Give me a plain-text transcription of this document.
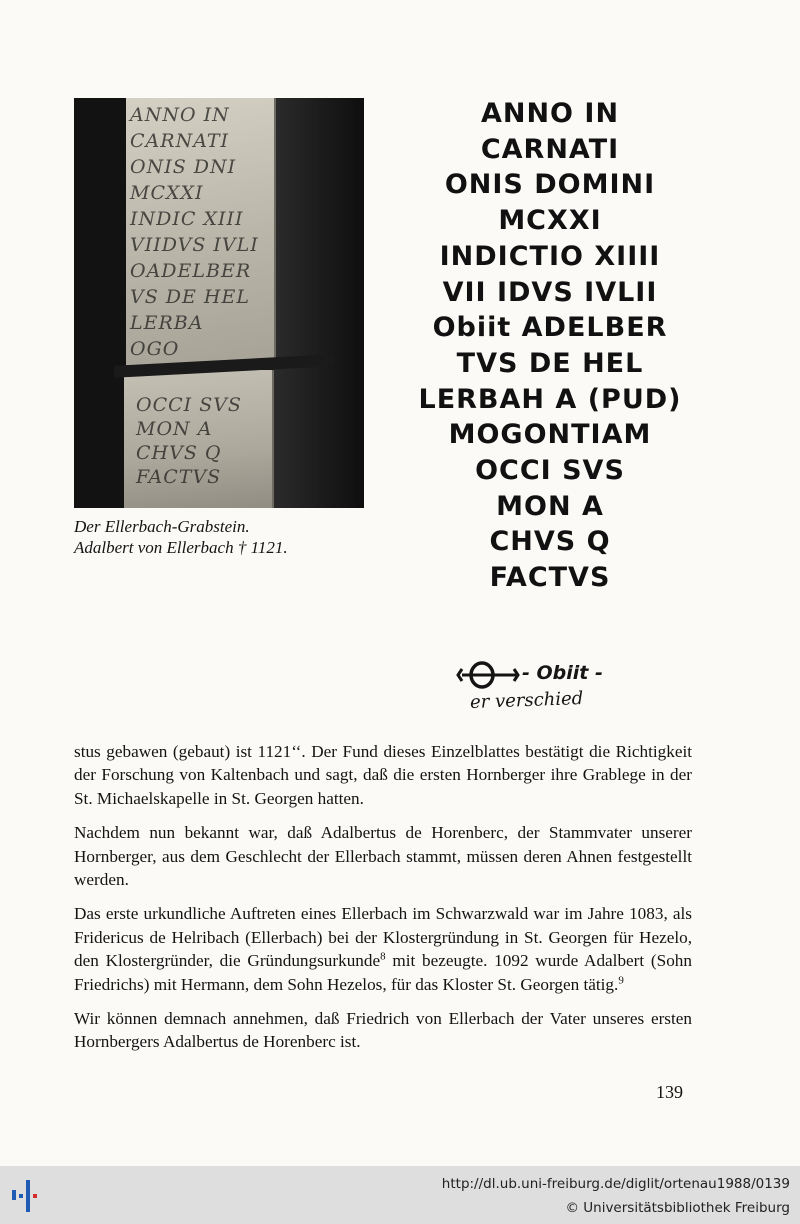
ANNO IN
CARNATI
ONIS DNI
MCXXI
INDIC XIII
VIIDVS IVLI
OADELBER
VS DE HEL
LERBA
OGO
OCCI SVS
MON A
CHVS Q
FACTVS
Der Ellerbach-Grabstein.
Adalbert von Ellerbach † 1121.
ANNO IN
CARNATI
ONIS DOMINI
MCXXI
INDICTIO XIIII
VII IDVS IVLII
Obiit ADELBER
TVS DE HEL
LERBAH A (PUD)
MOGONTIAM
OCCI SVS
MON A
CHVS Q
FACTVS
- Obiit -
er verschied

stus gebawen (gebaut) ist 1121‘‘. Der Fund dieses Einzelblattes bestätigt die Richtigkeit der Forschung von Kaltenbach und sagt, daß die ersten Hornberger ihre Grablege in der St. Michaelskapelle in St. Georgen hatten.

Nachdem nun bekannt war, daß Adalbertus de Horenberc, der Stammvater unserer Hornberger, aus dem Geschlecht der Ellerbach stammt, müssen deren Ahnen festgestellt werden.

Das erste urkundliche Auftreten eines Ellerbach im Schwarzwald war im Jahre 1083, als Fridericus de Helribach (Ellerbach) bei der Klostergründung in St. Georgen für Hezelo, den Klostergründer, die Gründungsurkunde$^8$ mit bezeugte. 1092 wurde Adalbert (Sohn Friedrichs) mit Hermann, dem Sohn Hezelos, für das Kloster St. Georgen tätig.$^9$

Wir können demnach annehmen, daß Friedrich von Ellerbach der Vater unseres ersten Hornbergers Adalbertus de Horenberc ist.

139
http://dl.ub.uni-freiburg.de/diglit/ortenau1988/0139
© Universitätsbibliothek Freiburg
